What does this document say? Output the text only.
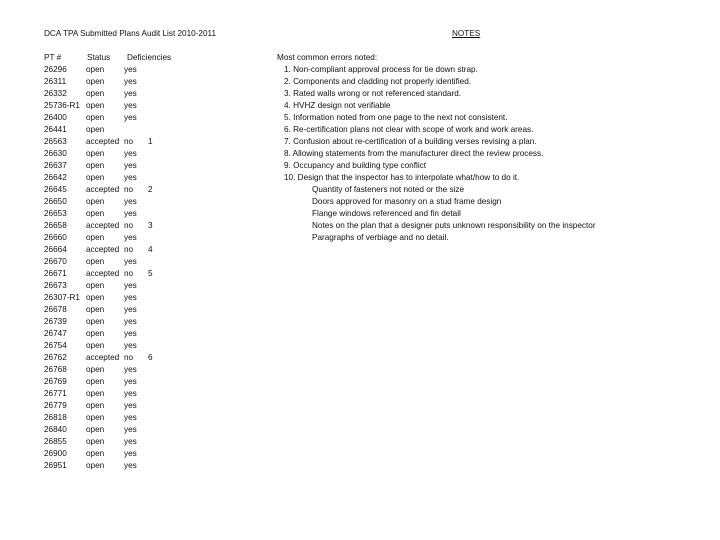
DCA TPA Submitted Plans Audit List 2010-2011	NOTES
PT #	Status Deficiencies
26296 open yes
26311 open yes
26332 open yes
25736-R1 open yes
26400 open yes
26441 open
26563 accepted no 1
26630 open yes
26637 open yes
26642 open yes
26645 accepted no 2
26650 open yes
26653 open yes
26658 accepted no 3
26660 open yes
26664 accepted no 4
26670 open yes
26671 accepted no 5
26673 open yes
26307-R1 open yes
26678 open yes
26739 open yes
26747 open yes
26754 open yes
26762 accepted no 6
26768 open yes
26769 open yes
26771 open yes
26779 open yes
26818 open yes
26840 open yes
26855 open yes
26900 open yes
26951 open yes
Most common errors noted:
1. Non-compliant approval process for tie down strap.
2. Components and cladding not properly identified.
3. Rated walls wrong or not referenced standard.
4. HVHZ design not verifiable
5. Information noted from one page to the next not consistent.
6. Re-certification plans not clear with scope of work and work areas.
7. Confusion about re-certification of a building verses revising a plan.
8. Allowing statements from the manufacturer direct the review process.
9. Occupancy and building type conflict
10. Design that the inspector has to interpolate what/how to do it.
Quantity of fasteners not noted or the size
Doors approved for masonry on a stud frame design
Flange windows referenced and fin detail
Notes on the plan that a designer puts unknown responsibility on the inspector
Paragraphs of verbiage and no detail.
